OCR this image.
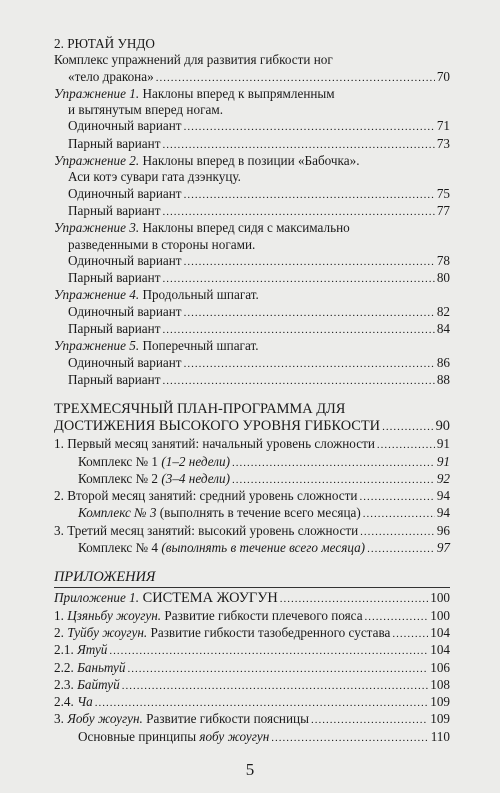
2. РЮТАЙ УНДО
Комплекс упражнений для развития гибкости ног
«тело дракона» .....	70
Упражнение 1. Наклоны вперед к выпрямленным
и вытянутым вперед ногам.
Одиночный вариант .....	71
Парный вариант .....	73
Упражнение 2. Наклоны вперед в позиции «Бабочка».
Аси котэ сувари гата дзэнкуцу.
Одиночный вариант .....	75
Парный вариант .....	77
Упражнение 3. Наклоны вперед сидя с максимально
разведенными в стороны ногами.
Одиночный вариант .....	78
Парный вариант .....	80
Упражнение 4. Продольный шпагат.
Одиночный вариант .....	82
Парный вариант .....	84
Упражнение 5. Поперечный шпагат.
Одиночный вариант .....	86
Парный вариант .....	88
ТРЕХМЕСЯЧНЫЙ ПЛАН-ПРОГРАММА ДЛЯ
ДОСТИЖЕНИЯ ВЫСОКОГО УРОВНЯ ГИБКОСТИ .....	90
1. Первый месяц занятий: начальный уровень сложности .....	91
Комплекс № 1 (1–2 недели) .....	91
Комплекс № 2 (3–4 недели) .....	92
2. Второй месяц занятий: средний уровень сложности .....	94
Комплекс № 3 (выполнять в течение всего месяца) .....	94
3. Третий месяц занятий: высокий уровень сложности .....	96
Комплекс № 4 (выполнять в течение всего месяца) .....	97
ПРИЛОЖЕНИЯ
Приложение 1. СИСТЕМА ЖОУГУН .....	100
1. Цзяньбу жоугун. Развитие гибкости плечевого пояса .....	100
2. Туйбу жоугун. Развитие гибкости тазобедренного сустава .....	104
2.1. Ятуй .....	104
2.2. Баньтуй .....	106
2.3. Байтуй .....	108
2.4. Ча .....	109
3. Яобу жоугун. Развитие гибкости поясницы .....	109
Основные принципы яобу жоугун .....	110
5
